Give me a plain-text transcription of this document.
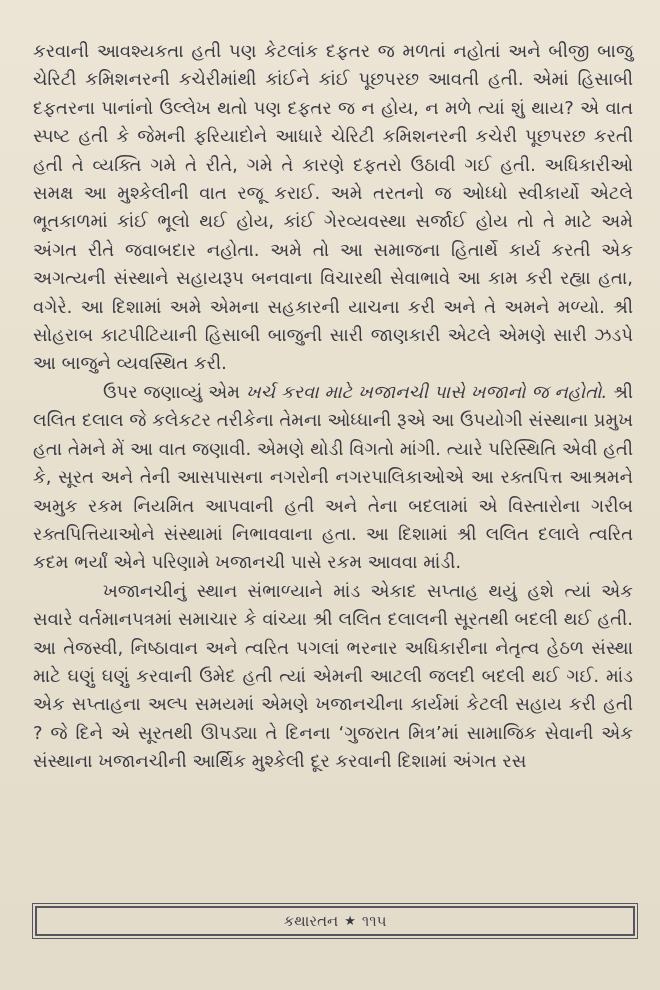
કરવાની આવશ્યકતા હતી પણ કેટલાંક દફતર જ મળતાં નહોતાં અને બીજી બાજુ ચેરિટી કમિશનરની કચેરીમાંથી કાંઈને કાંઈ પૂછપરછ આવતી હતી. એમાં હિસાબી દફતરના પાનાંનો ઉલ્લેખ થતો પણ દફતર જ ન હોય, ન મળે ત્યાં શું થાય? એ વાત સ્પષ્ટ હતી કે જેમની ફરિયાદોને આધારે ચેરિટી કમિશનરની કચેરી પૂછપરછ કરતી હતી તે વ્યક્તિ ગમે તે રીતે, ગમે તે કારણે દફતરો ઉઠાવી ગઈ હતી. અધિકારીઓ સમક્ષ આ મુશ્કેલીની વાત રજૂ કરાઈ. અમે તરતનો જ ઓધ્ધો સ્વીકાર્યો એટલે ભૂતકાળમાં કાંઈ ભૂલો થઈ હોય, કાંઈ ગેરવ્યવસ્થા સર્જાઈ હોય તો તે માટે અમે અંગત રીતે જવાબદાર નહોતા. અમે તો આ સમાજના હિતાર્થે કાર્ય કરતી એક અગત્યની સંસ્થાને સહાયરૂપ બનવાના વિચારથી સેવાભાવે આ કામ કરી રહ્યા હતા, વગેરે. આ દિશામાં અમે એમના સહકારની યાચના કરી અને તે અમને મળ્યો. શ્રી સોહરાબ કાટપીટિયાની હિસાબી બાજુની સારી જાણકારી એટલે એમણે સારી ઝડપે આ બાજુને વ્યવસ્થિત કરી.

ઉપર જણાવ્યું એમ ખર્ચ કરવા માટે ખજાનચી પાસે ખજાનો જ નહોતો. શ્રી લલિત દલાલ જે કલેકટર તરીકેના તેમના ઓધ્ધાની રૂએ આ ઉપયોગી સંસ્થાના પ્રમુખ હતા તેમને મેં આ વાત જણાવી. એમણે થોડી વિગતો માંગી. ત્યારે પરિસ્થિતિ એવી હતી કે, સૂરત અને તેની આસપાસના નગરોની નગરપાલિકાઓએ આ રક્તપિત્ત આશ્રમને અમુક રકમ નિયમિત આપવાની હતી અને તેના બદલામાં એ વિસ્તારોના ગરીબ રક્તપિત્તિયાઓને સંસ્થામાં નિભાવવાના હતા. આ દિશામાં શ્રી લલિત દલાલે ત્વરિત કદમ ભર્યાં એને પરિણામે ખજાનચી પાસે રકમ આવવા માંડી.

ખજાનચીનું સ્થાન સંભાળ્યાને માંડ એકાદ સપ્તાહ થયું હશે ત્યાં એક સવારે વર્તમાનપત્રમાં સમાચાર કે વાંચ્યા શ્રી લલિત દલાલની સૂરતથી બદલી થઈ હતી. આ તેજસ્વી, નિષ્ઠાવાન અને ત્વરિત પગલાં ભરનાર અધિકારીના નેતૃત્વ હેઠળ સંસ્થા માટે ઘણું ઘણું કરવાની ઉમેદ હતી ત્યાં એમની આટલી જલદી બદલી થઈ ગઈ. માંડ એક સપ્તાહના અલ્પ સમયમાં એમણે ખજાનચીના કાર્યમાં કેટલી સહાય કરી હતી ? જે દિને એ સૂરતથી ઊપડ્યા તે દિનના ‘ગુજરાત મિત્ર’માં સામાજિક સેવાની એક સંસ્થાના ખજાનચીની આર્થિક મુશ્કેલી દૂર કરવાની દિશામાં અંગત રસ

કથારતન ★ ૧૧૫
